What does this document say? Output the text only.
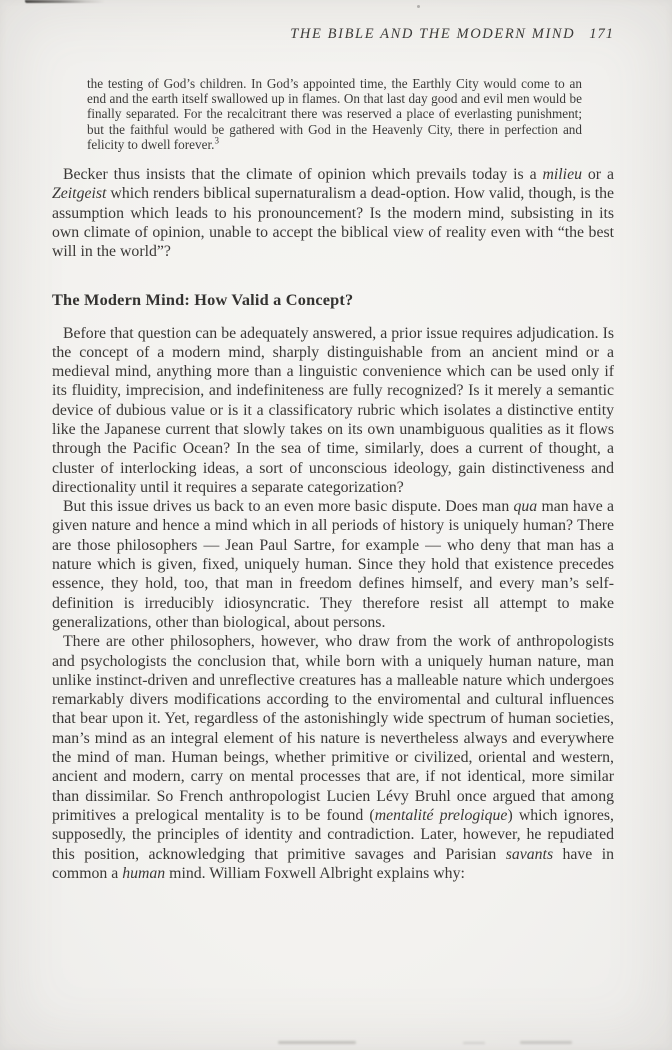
THE BIBLE AND THE MODERN MIND 171
the testing of God’s children. In God’s appointed time, the Earthly City would come to an end and the earth itself swallowed up in flames. On that last day good and evil men would be finally separated. For the recalcitrant there was reserved a place of everlasting punishment; but the faithful would be gathered with God in the Heavenly City, there in perfection and felicity to dwell forever.$^3$

Becker thus insists that the climate of opinion which prevails today is a milieu or a Zeitgeist which renders biblical supernaturalism a dead-option. How valid, though, is the assumption which leads to his pronouncement? Is the modern mind, subsisting in its own climate of opinion, unable to accept the biblical view of reality even with “the best will in the world”?

The Modern Mind: How Valid a Concept?

Before that question can be adequately answered, a prior issue requires adjudication. Is the concept of a modern mind, sharply distinguishable from an ancient mind or a medieval mind, anything more than a linguistic convenience which can be used only if its fluidity, imprecision, and indefiniteness are fully recognized? Is it merely a semantic device of dubious value or is it a classificatory rubric which isolates a distinctive entity like the Japanese current that slowly takes on its own unambiguous qualities as it flows through the Pacific Ocean? In the sea of time, similarly, does a current of thought, a cluster of interlocking ideas, a sort of unconscious ideology, gain distinctiveness and directionality until it requires a separate categorization?

But this issue drives us back to an even more basic dispute. Does man qua man have a given nature and hence a mind which in all periods of history is uniquely human? There are those philosophers — Jean Paul Sartre, for example — who deny that man has a nature which is given, fixed, uniquely human. Since they hold that existence precedes essence, they hold, too, that man in freedom defines himself, and every man’s self-definition is irreducibly idiosyncratic. They therefore resist all attempt to make generalizations, other than biological, about persons.

There are other philosophers, however, who draw from the work of anthropologists and psychologists the conclusion that, while born with a uniquely human nature, man unlike instinct-driven and unreflective creatures has a malleable nature which undergoes remarkably divers modifications according to the enviromental and cultural influences that bear upon it. Yet, regardless of the astonishingly wide spectrum of human societies, man’s mind as an integral element of his nature is nevertheless always and everywhere the mind of man. Human beings, whether primitive or civilized, oriental and western, ancient and modern, carry on mental processes that are, if not identical, more similar than dissimilar. So French anthropologist Lucien Lévy Bruhl once argued that among primitives a prelogical mentality is to be found (mentalité prelogique) which ignores, supposedly, the principles of identity and contradiction. Later, however, he repudiated this position, acknowledging that primitive savages and Parisian savants have in common a human mind. William Foxwell Albright explains why:
